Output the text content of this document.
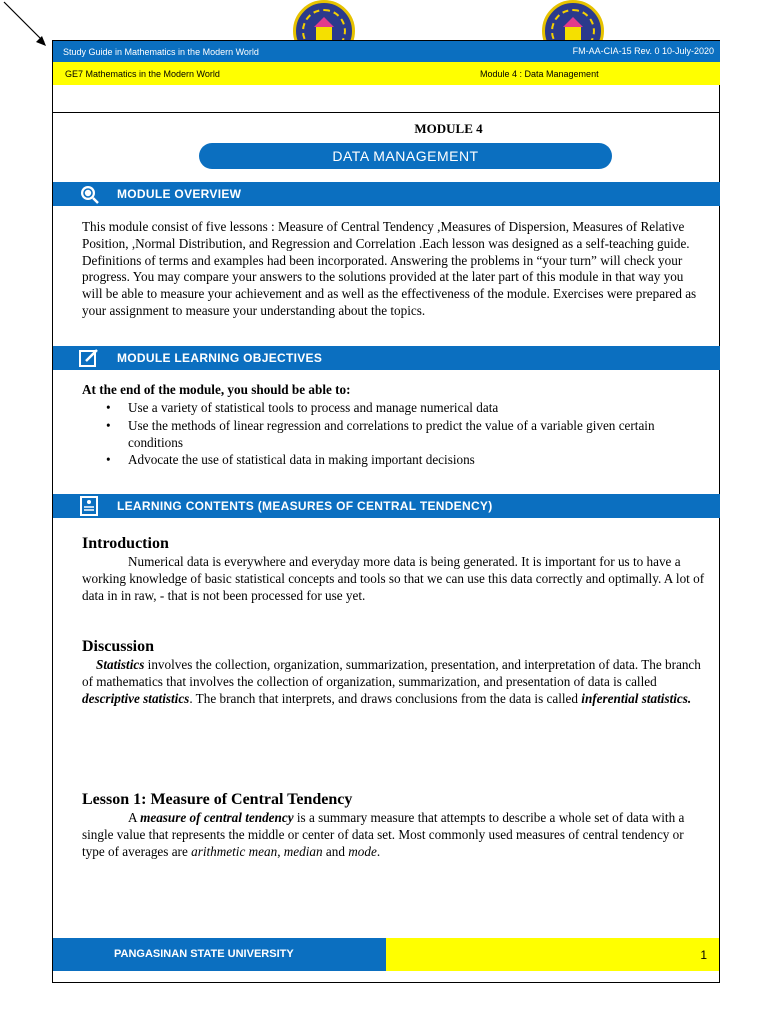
Study Guide in Mathematics in the Modern World	FM-AA-CIA-15 Rev. 0 10-July-2020
GE7 Mathematics in the Modern World	Module 4 : Data Management
MODULE 4
DATA MANAGEMENT
MODULE OVERVIEW
This module consist of five lessons : Measure of Central Tendency ,Measures of Dispersion, Measures of Relative Position, ,Normal Distribution, and Regression and Correlation .Each lesson was designed as a self-teaching guide. Definitions of terms and examples had been incorporated. Answering the problems in “your turn” will check your progress. You may compare your answers to the solutions provided at the later part of this module in that way you will be able to measure your achievement and as well as the effectiveness of the module. Exercises were prepared as your assignment to measure your understanding about the topics.
MODULE LEARNING OBJECTIVES
At the end of the module, you should be able to:
• Use a variety of statistical tools to process and manage numerical data
• Use the methods of linear regression and correlations to predict the value of a variable given certain conditions
• Advocate the use of statistical data in making important decisions
LEARNING CONTENTS (MEASURES OF CENTRAL TENDENCY)
Introduction
Numerical data is everywhere and everyday more data is being generated. It is important for us to have a working knowledge of basic statistical concepts and tools so that we can use this data correctly and optimally. A lot of data in in raw, - that is not been processed for use yet.
Discussion
Statistics involves the collection, organization, summarization, presentation, and interpretation of data. The branch of mathematics that involves the collection of organization, summarization, and presentation of data is called descriptive statistics. The branch that interprets, and draws conclusions from the data is called inferential statistics.
Lesson 1: Measure of Central Tendency
A measure of central tendency is a summary measure that attempts to describe a whole set of data with a single value that represents the middle or center of data set. Most commonly used measures of central tendency or type of averages are arithmetic mean, median and mode.
PANGASINAN STATE UNIVERSITY	1
